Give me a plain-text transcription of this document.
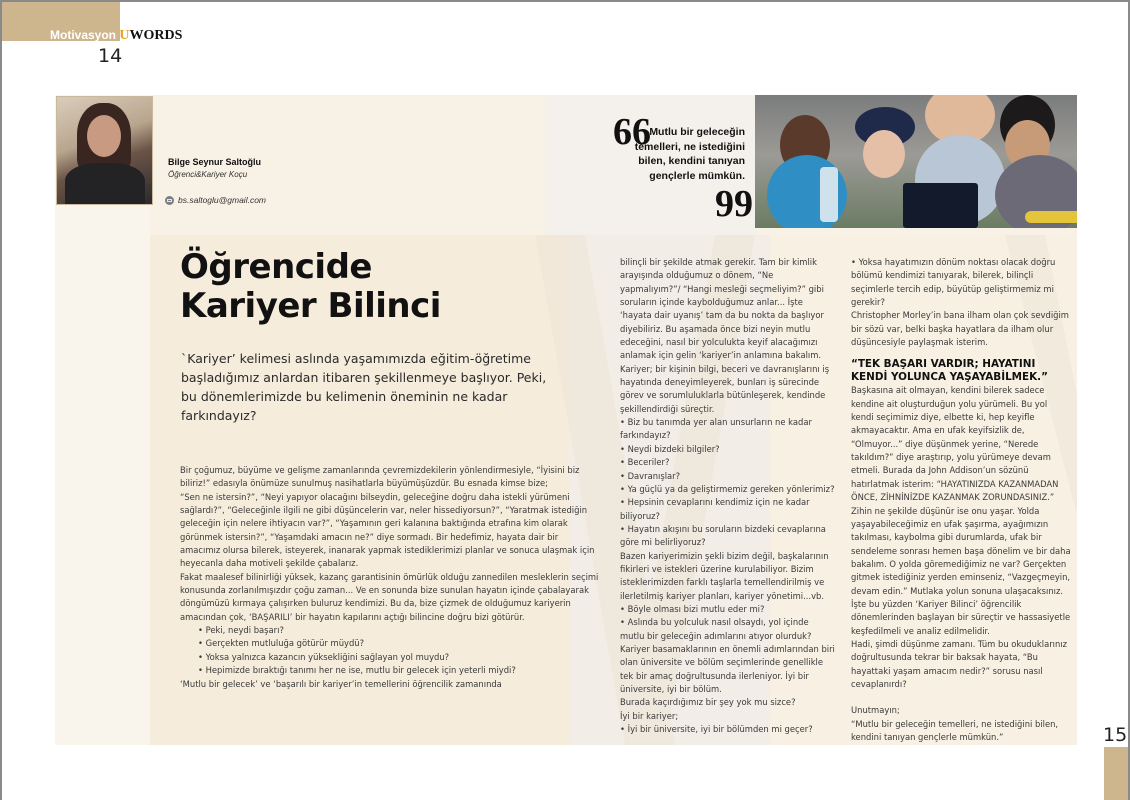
Motivasyon UWORDS
14
Bilge Seynur Saltoğlu
Öğrenci&Kariyer Koçu
bs.saltoglu@gmail.com
66
Mutlu bir geleceğin
temelleri, ne istediğini
bilen, kendini tanıyan
gençlerle mümkün.
99
Öğrencide
Kariyer Bilinci
`Kariyer’ kelimesi aslında yaşamımızda eğitim-öğretime başladığımız anlardan itibaren şekillenmeye başlıyor. Peki, bu dönemlerimizde bu kelimenin öneminin ne kadar farkındayız?

Bir çoğumuz, büyüme ve gelişme zamanlarında çevremizdekilerin yönlendirmesiyle, “İyisini biz biliriz!” edasıyla önümüze sunulmuş nasihatlarla büyümüşüzdür. Bu esnada kimse bize;

“Sen ne istersin?”, “Neyi yapıyor olacağını bilseydin, geleceğine doğru daha istekli yürümeni sağlardı?”, “Geleceğinle ilgili ne gibi düşüncelerin var, neler hissediyorsun?”, “Yaratmak istediğin geleceğin için nelere ihtiyacın var?”, “Yaşamının geri kalanına baktığında etrafına kim olarak görünmek istersin?”, “Yaşamdaki amacın ne?” diye sormadı. Bir hedefimiz, hayata dair bir amacımız olursa bilerek, isteyerek, inanarak yapmak istediklerimizi planlar ve sonuca ulaşmak için heyecanla daha motiveli şekilde çabalarız.

Fakat maalesef bilinirliği yüksek, kazanç garantisinin ömürlük olduğu zannedilen mesleklerin seçimi konusunda zorlanılmışızdır çoğu zaman... Ve en sonunda bize sunulan hayatın içinde çabalayarak döngümüzü kırmaya çalışırken buluruz kendimizi. Bu da, bize çizmek de olduğumuz kariyerin amacından çok, ‘BAŞARILI’ bir hayatın kapılarını açtığı bilincine doğru bizi götürür.

• Peki, neydi başarı?

• Gerçekten mutluluğa götürür müydü?

• Yoksa yalnızca kazancın yüksekliğini sağlayan yol muydu?

• Hepimizde bıraktığı tanımı her ne ise, mutlu bir gelecek için yeterli miydi?

‘Mutlu bir gelecek’ ve ‘başarılı bir kariyer’in temellerini öğrencilik zamanında

bilinçli bir şekilde atmak gerekir. Tam bir kimlik arayışında olduğumuz o dönem, “Ne yapmalıyım?”/ “Hangi mesleği seçmeliyim?” gibi soruların içinde kaybolduğumuz anlar... İşte ‘hayata dair uyanış’ tam da bu nokta da başlıyor diyebiliriz. Bu aşamada önce bizi neyin mutlu edeceğini, nasıl bir yolculukta keyif alacağımızı anlamak için gelin ‘kariyer’in anlamına bakalım.

Kariyer; bir kişinin bilgi, beceri ve davranışlarını iş hayatında deneyimleyerek, bunları iş sürecinde görev ve sorumluluklarla bütünleşerek, kendinde şekillendirdiği süreçtir.

• Biz bu tanımda yer alan unsurların ne kadar farkındayız?

• Neydi bizdeki bilgiler?

• Beceriler?

• Davranışlar?

• Ya güçlü ya da geliştirmemiz gereken yönlerimiz?

• Hepsinin cevaplarını kendimiz için ne kadar biliyoruz?

• Hayatın akışını bu soruların bizdeki cevaplarına göre mi belirliyoruz?

Bazen kariyerimizin şekli bizim değil, başkalarının fikirleri ve istekleri üzerine kurulabiliyor. Bizim isteklerimizden farklı taşlarla temellendirilmiş ve ilerletilmiş kariyer planları, kariyer yönetimi...vb.

• Böyle olması bizi mutlu eder mi?

• Aslında bu yolculuk nasıl olsaydı, yol içinde mutlu bir geleceğin adımlarını atıyor olurduk?

Kariyer basamaklarının en önemli adımlarından biri olan üniversite ve bölüm seçimlerinde genellikle tek bir amaç doğrultusunda ilerleniyor. İyi bir üniversite, iyi bir bölüm.

Burada kaçırdığımız bir şey yok mu sizce?

İyi bir kariyer;

• İyi bir üniversite, iyi bir bölümden mi geçer?

• Yoksa hayatımızın dönüm noktası olacak doğru bölümü kendimizi tanıyarak, bilerek, bilinçli seçimlerle tercih edip, büyütüp geliştirmemiz mi gerekir?

Christopher Morley’in bana ilham olan çok sevdiğim bir sözü var, belki başka hayatlara da ilham olur düşüncesiyle paylaşmak isterim.

“TEK BAŞARI VARDIR; HAYATINI KENDİ YOLUNCA YAŞAYABİLMEK.”

Başkasına ait olmayan, kendini bilerek sadece kendine ait oluşturduğun yolu yürümeli. Bu yol kendi seçimimiz diye, elbette ki, hep keyifle akmayacaktır. Ama en ufak keyifsizlik de, “Olmuyor...” diye düşünmek yerine, “Nerede takıldım?” diye araştırıp, yolu yürümeye devam etmeli. Burada da John Addison’un sözünü hatırlatmak isterim: “HAYATINIZDA KAZANMADAN ÖNCE, ZİHNİNİZDE KAZANMAK ZORUNDASINIZ.” Zihin ne şekilde düşünür ise onu yaşar. Yolda yaşayabileceğimiz en ufak şaşırma, ayağımızın takılması, kaybolma gibi durumlarda, ufak bir sendeleme sonrası hemen başa dönelim ve bir daha bakalım. O yolda göremediğimiz ne var? Gerçekten gitmek istediğiniz yerden eminseniz, “Vazgeçmeyin, devam edin.” Mutlaka yolun sonuna ulaşacaksınız.

İşte bu yüzden ‘Kariyer Bilinci’ öğrencilik dönemlerinden başlayan bir süreçtir ve hassasiyetle keşfedilmeli ve analiz edilmelidir.

Hadi, şimdi düşünme zamanı. Tüm bu okuduklarınız doğrultusunda tekrar bir baksak hayata, “Bu hayattaki yaşam amacım nedir?” sorusu nasıl cevaplanırdı?

Unutmayın;

“Mutlu bir geleceğin temelleri, ne istediğini bilen, kendini tanıyan gençlerle mümkün.”	15
